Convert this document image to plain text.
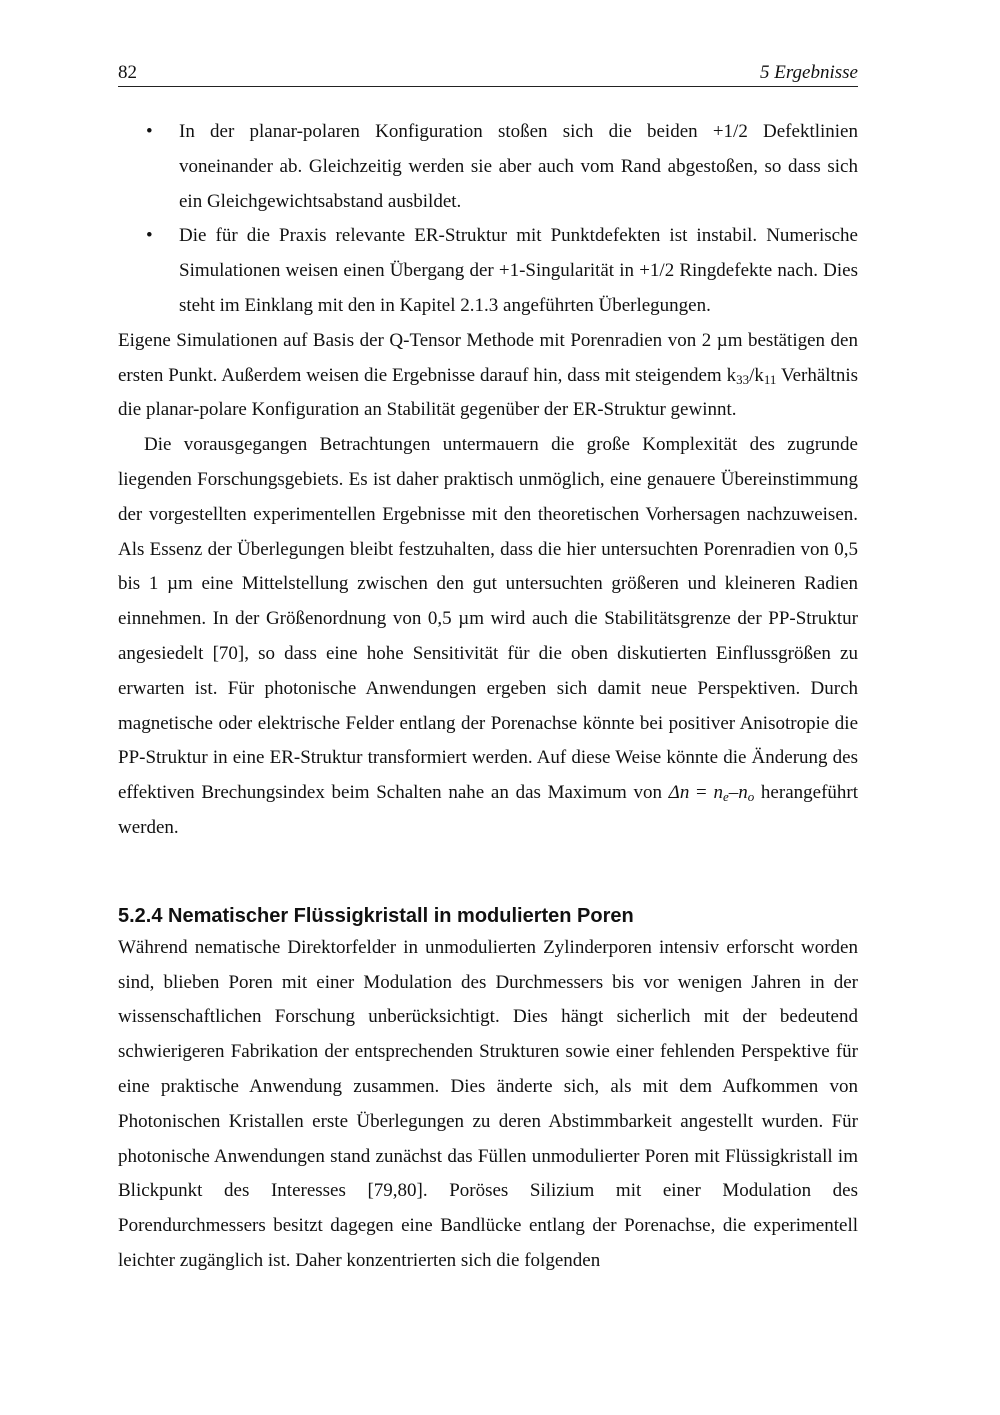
82	5 Ergebnisse
• In der planar-polaren Konfiguration stoßen sich die beiden +1/2 Defektlinien voneinander ab. Gleichzeitig werden sie aber auch vom Rand abgestoßen, so dass sich ein Gleichgewichtsabstand ausbildet.
• Die für die Praxis relevante ER-Struktur mit Punktdefekten ist instabil. Numerische Simulationen weisen einen Übergang der +1-Singularität in +1/2 Ringdefekte nach. Dies steht im Einklang mit den in Kapitel 2.1.3 angeführten Überlegungen.

Eigene Simulationen auf Basis der Q-Tensor Methode mit Porenradien von 2 µm bestätigen den ersten Punkt. Außerdem weisen die Ergebnisse darauf hin, dass mit steigendem $k_{33}/k_{11}$ Verhältnis die planar-polare Konfiguration an Stabilität gegenüber der ER-Struktur gewinnt.

Die vorausgegangen Betrachtungen untermauern die große Komplexität des zugrunde liegenden Forschungsgebiets. Es ist daher praktisch unmöglich, eine genauere Übereinstimmung der vorgestellten experimentellen Ergebnisse mit den theoretischen Vorhersagen nachzuweisen. Als Essenz der Überlegungen bleibt festzuhalten, dass die hier untersuchten Porenradien von 0,5 bis 1 µm eine Mittelstellung zwischen den gut untersuchten größeren und kleineren Radien einnehmen. In der Größenordnung von 0,5 µm wird auch die Stabilitätsgrenze der PP-Struktur angesiedelt [70], so dass eine hohe Sensitivität für die oben diskutierten Einflussgrößen zu erwarten ist. Für photonische Anwendungen ergeben sich damit neue Perspektiven. Durch magnetische oder elektrische Felder entlang der Porenachse könnte bei positiver Anisotropie die PP-Struktur in eine ER-Struktur transformiert werden. Auf diese Weise könnte die Änderung des effektiven Brechungsindex beim Schalten nahe an das Maximum von $\Delta n = n_e-n_o$ herangeführt werden.

5.2.4 Nematischer Flüssigkristall in modulierten Poren

Während nematische Direktorfelder in unmodulierten Zylinderporen intensiv erforscht worden sind, blieben Poren mit einer Modulation des Durchmessers bis vor wenigen Jahren in der wissenschaftlichen Forschung unberücksichtigt. Dies hängt sicherlich mit der bedeutend schwierigeren Fabrikation der entsprechenden Strukturen sowie einer fehlenden Perspektive für eine praktische Anwendung zusammen. Dies änderte sich, als mit dem Aufkommen von Photonischen Kristallen erste Überlegungen zu deren Abstimmbarkeit angestellt wurden. Für photonische Anwendungen stand zunächst das Füllen unmodulierter Poren mit Flüssigkristall im Blickpunkt des Interesses [79,80]. Poröses Silizium mit einer Modulation des Porendurchmessers besitzt dagegen eine Bandlücke entlang der Porenachse, die experimentell leichter zugänglich ist. Daher konzentrierten sich die folgenden
